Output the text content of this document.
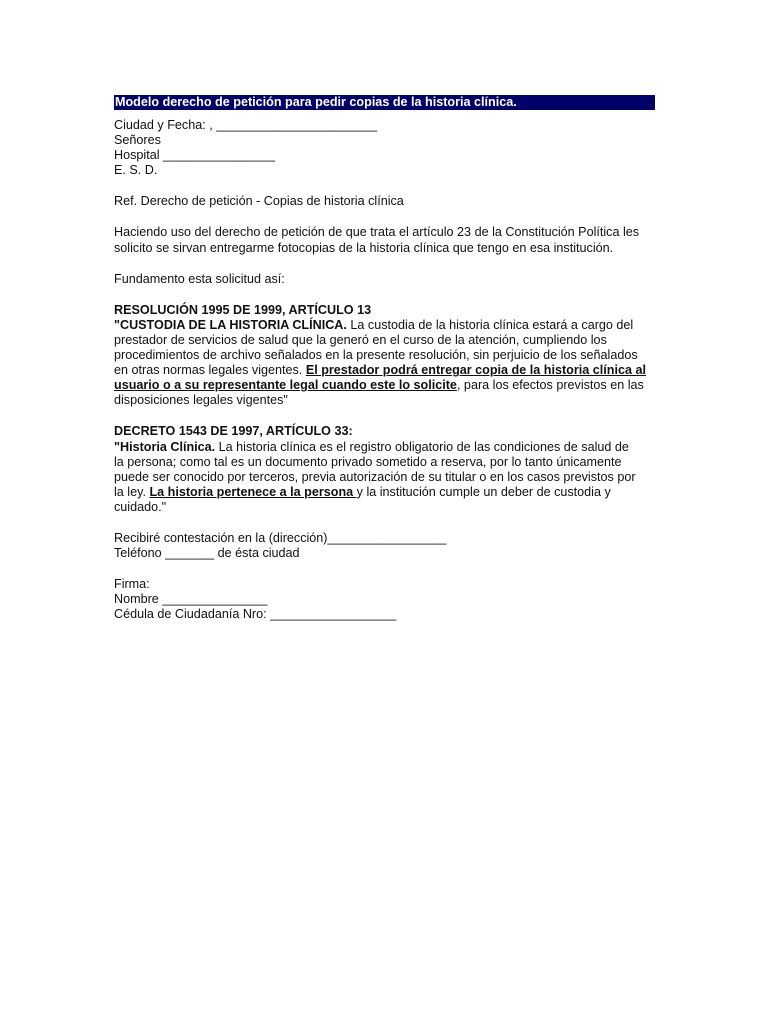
Modelo derecho de petición para pedir copias de la historia clínica.
Ciudad y Fecha: , _______________________
Señores
Hospital ________________
E. S. D.
Ref. Derecho de petición - Copias de historia clínica
Haciendo uso del derecho de petición de que trata el artículo 23 de la Constitución Política les
solicito se sirvan entregarme fotocopias de la historia clínica que tengo en esa institución.
Fundamento esta solicitud así:
RESOLUCIÓN 1995 DE 1999, ARTÍCULO 13
"CUSTODIA DE LA HISTORIA CLÍNICA. La custodia de la historia clínica estará a cargo del
prestador de servicios de salud que la generó en el curso de la atención, cumpliendo los
procedimientos de archivo señalados en la presente resolución, sin perjuicio de los señalados
en otras normas legales vigentes. El prestador podrá entregar copia de la historia clínica al
usuario o a su representante legal cuando este lo solicite, para los efectos previstos en las
disposiciones legales vigentes"
DECRETO 1543 DE 1997, ARTÍCULO 33:
"Historia Clínica. La historia clínica es el registro obligatorio de las condiciones de salud de
la persona; como tal es un documento privado sometido a reserva, por lo tanto únicamente
puede ser conocido por terceros, previa autorización de su titular o en los casos previstos por
la ley. La historia pertenece a la persona y la institución cumple un deber de custodia y
cuidado."
Recibiré contestación en la (dirección)_________________
Teléfono _______ de ésta ciudad
Firma:
Nombre _______________
Cédula de Ciudadanía Nro: __________________
